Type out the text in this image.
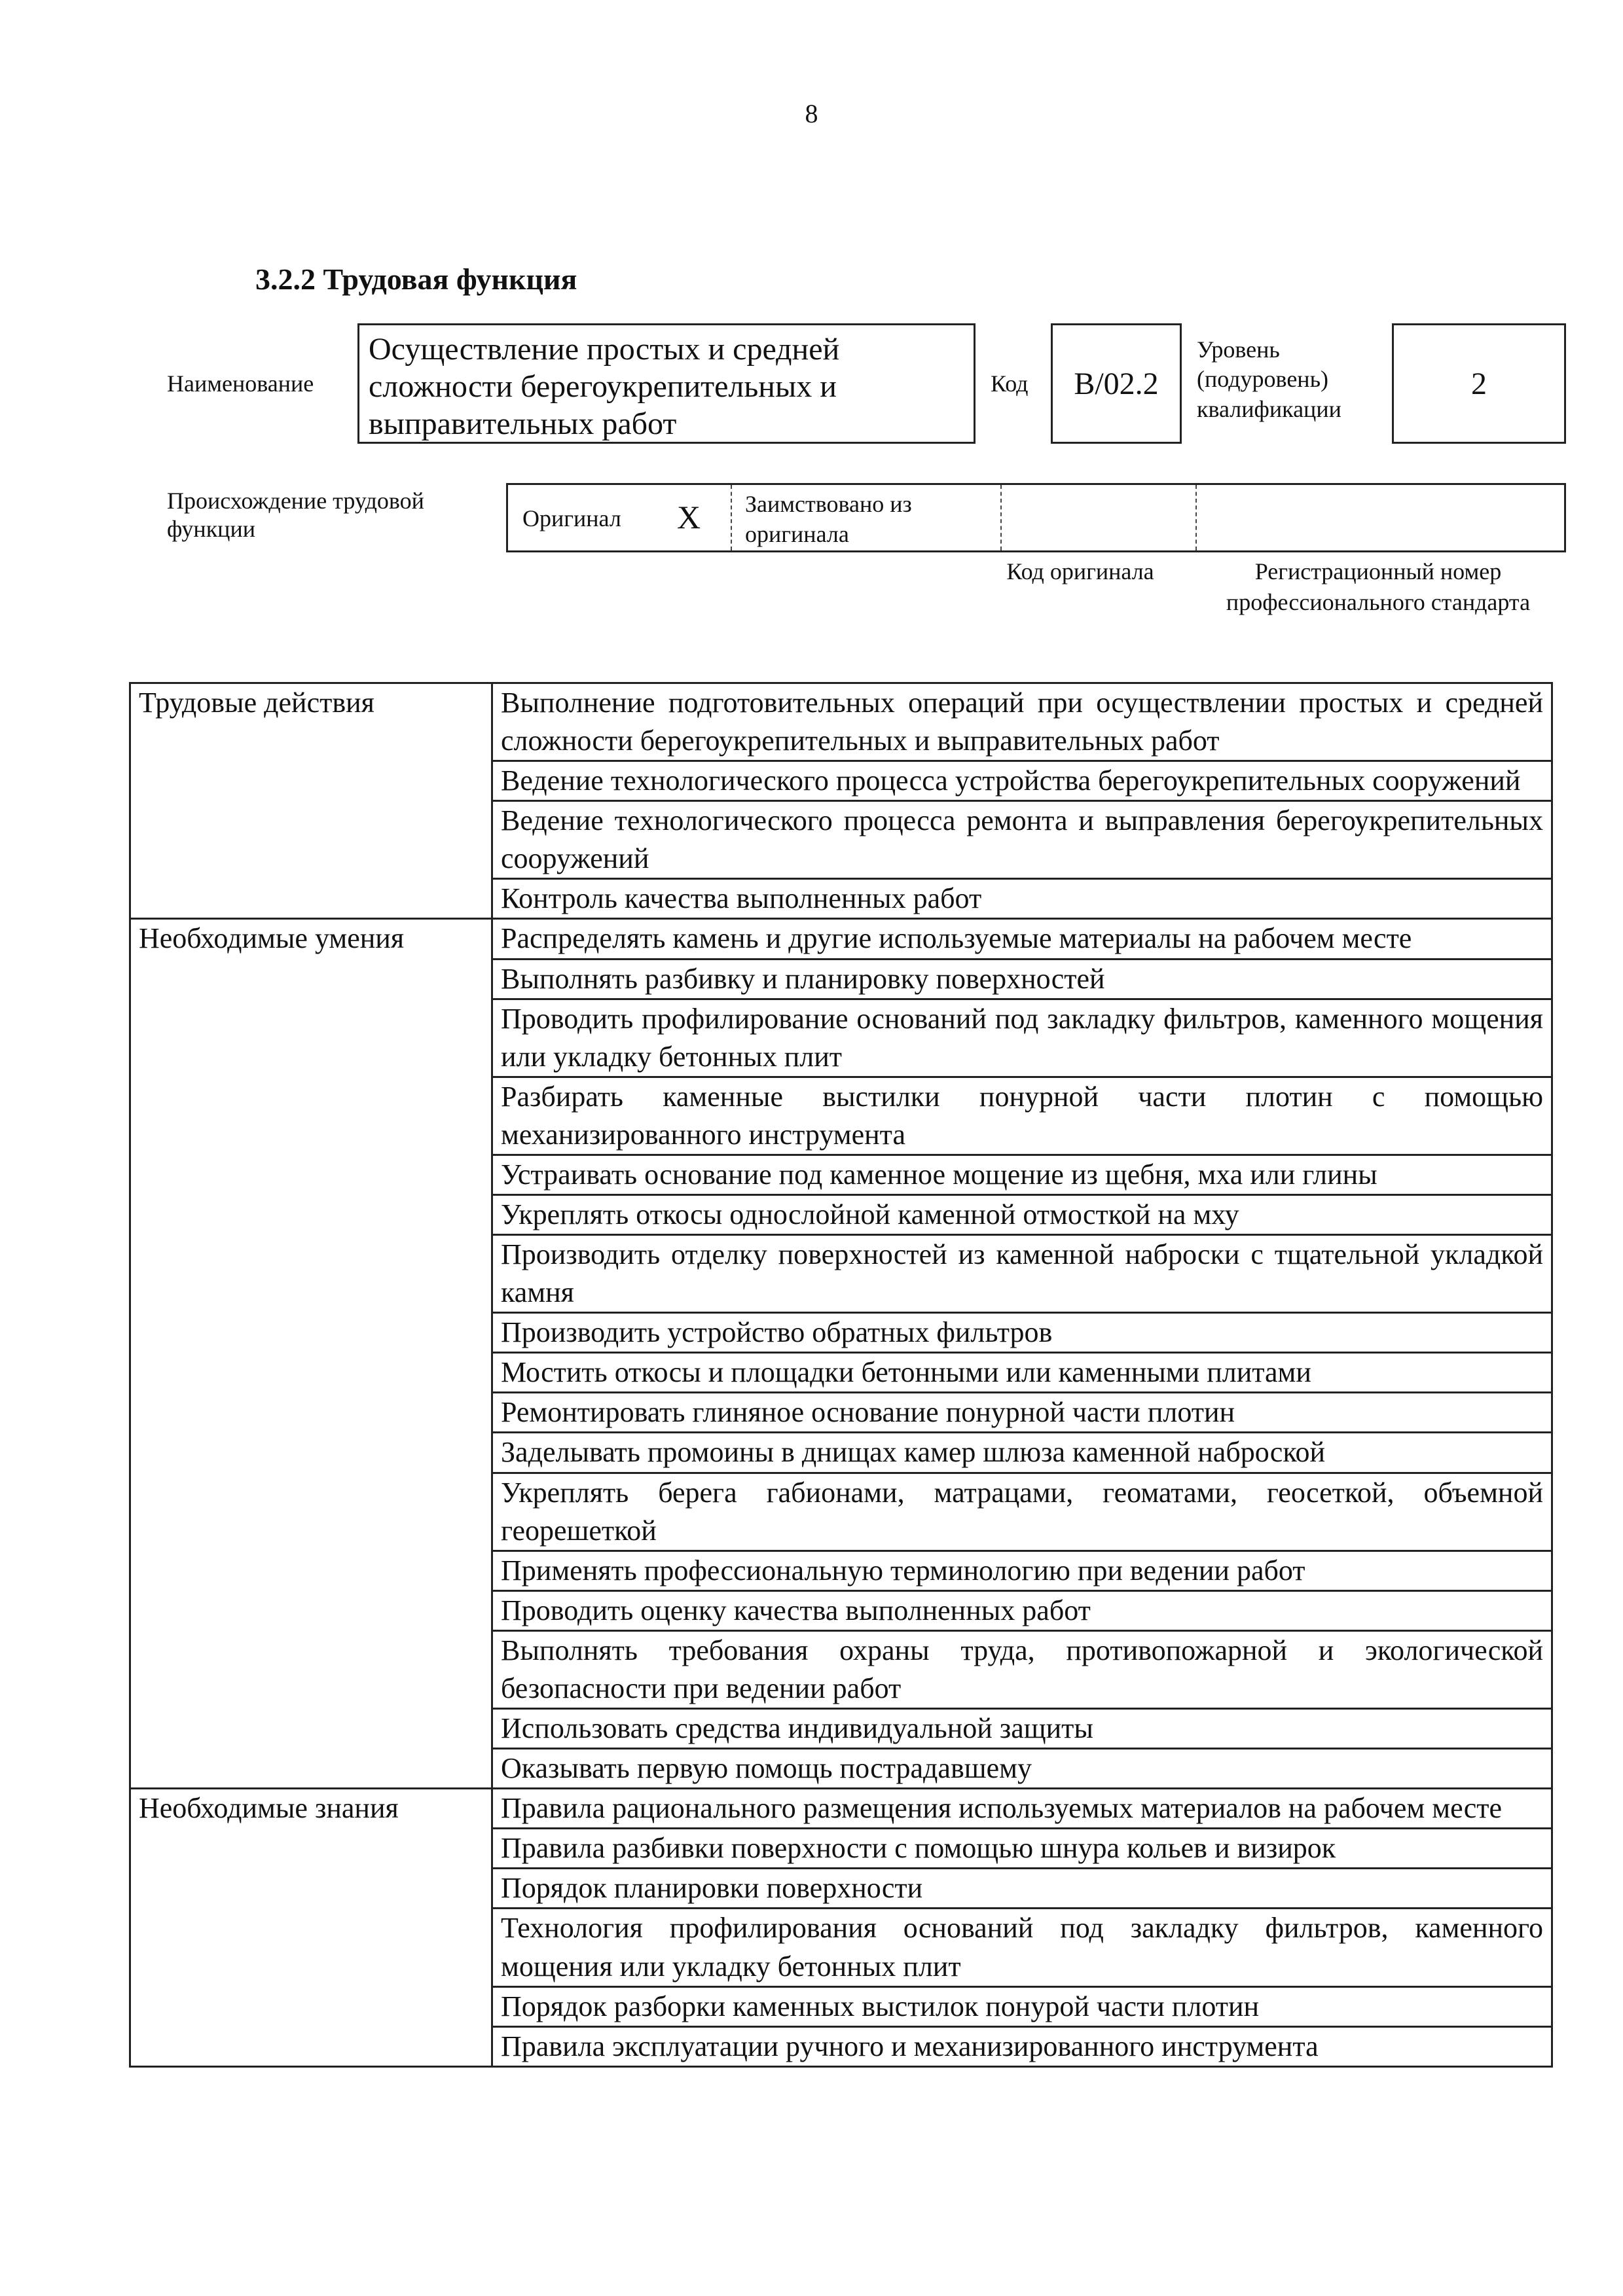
8
3.2.2 Трудовая функция
Наименование
Осуществление простых и средней сложности берегоукрепительных и выправительных работ
Код B/02.2
Уровень (подуровень) квалификации
2
Происхождение трудовой функции	Оригинал X Заимствовано из оригинала
Код оригинала	Регистрационный номер профессионального стандарта
Трудовые действия	Выполнение подготовительных операций при осуществлении простых и средней сложности берегоукрепительных и выправительных работ
	Ведение технологического процесса устройства берегоукрепительных сооружений
	Ведение технологического процесса ремонта и выправления берегоукрепительных сооружений
	Контроль качества выполненных работ
Необходимые умения	Распределять камень и другие используемые материалы на рабочем месте
	Выполнять разбивку и планировку поверхностей
	Проводить профилирование оснований под закладку фильтров, каменного мощения или укладку бетонных плит
	Разбирать каменные выстилки понурной части плотин с помощью механизированного инструмента
	Устраивать основание под каменное мощение из щебня, мха или глины
	Укреплять откосы однослойной каменной отмосткой на мху
	Производить отделку поверхностей из каменной наброски с тщательной укладкой камня
	Производить устройство обратных фильтров
	Мостить откосы и площадки бетонными или каменными плитами
	Ремонтировать глиняное основание понурной части плотин
	Заделывать промоины в днищах камер шлюза каменной наброской
	Укреплять берега габионами, матрацами, геоматами, геосеткой, объемной георешеткой
	Применять профессиональную терминологию при ведении работ
	Проводить оценку качества выполненных работ
	Выполнять требования охраны труда, противопожарной и экологической безопасности при ведении работ
	Использовать средства индивидуальной защиты
	Оказывать первую помощь пострадавшему
Необходимые знания	Правила рационального размещения используемых материалов на рабочем месте
	Правила разбивки поверхности с помощью шнура кольев и визирок
	Порядок планировки поверхности
	Технология профилирования оснований под закладку фильтров, каменного мощения или укладку бетонных плит
	Порядок разборки каменных выстилок понурой части плотин
	Правила эксплуатации ручного и механизированного инструмента
